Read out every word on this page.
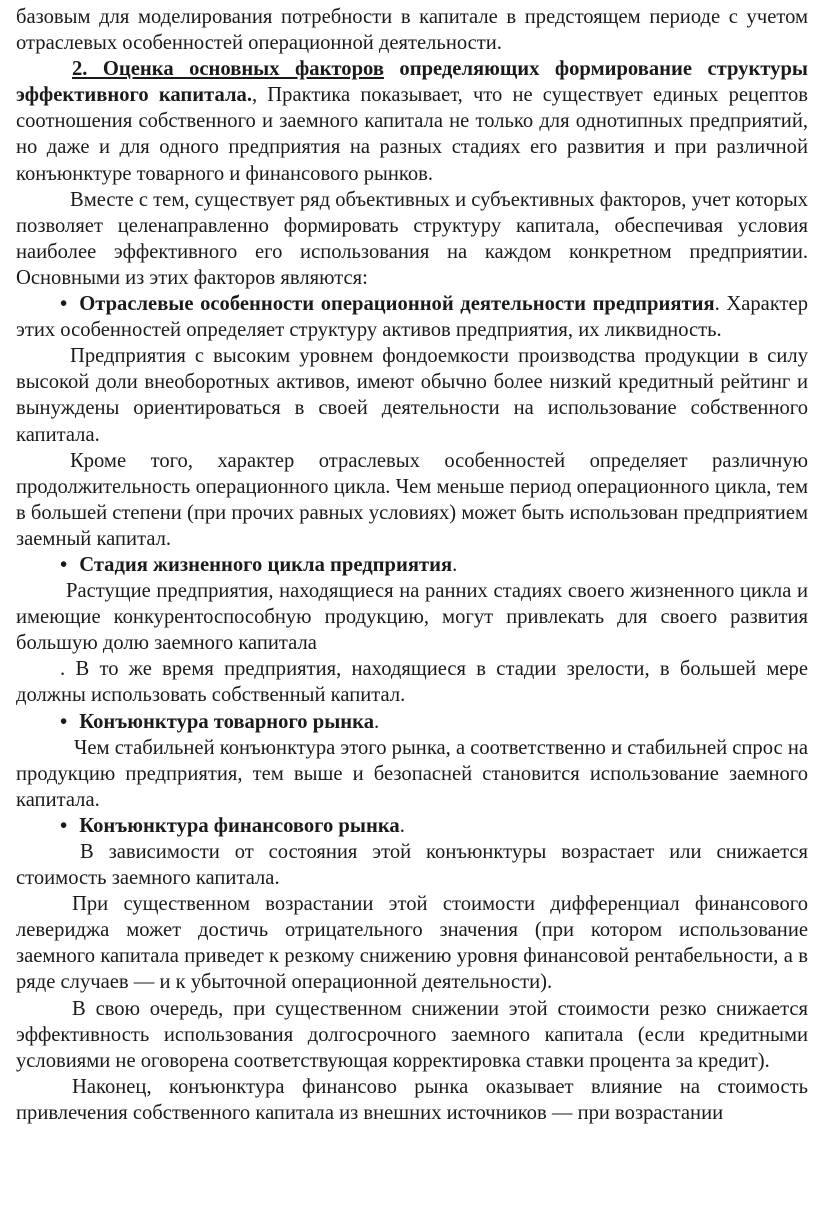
базовым для моделирования потребности в капитале в предстоящем периоде с учетом отраслевых особенностей операционной деятельности.

2. Оценка основных факторов определяющих формирование структуры эффективного капитала., Практика показывает, что не существует единых рецептов соотношения собственного и заемного капитала не только для однотипных предприятий, но даже и для одного предприятия на разных стадиях его развития и при различной конъюнктуре товарного и финансового рынков.

Вместе с тем, существует ряд объективных и субъективных факторов, учет которых позволяет целенаправленно формировать структуру капитала, обеспечивая условия наиболее эффективного его использования на каждом конкретном предприятии. Основными из этих факторов являются:

• Отраслевые особенности операционной деятельности предприятия. Характер этих особенностей определяет структуру активов предприятия, их ликвидность.

Предприятия с высоким уровнем фондоемкости производства продукции в силу высокой доли внеоборотных активов, имеют обычно более низкий кредитный рейтинг и вынуждены ориентироваться в своей деятельности на использование собственного капитала.

Кроме того, характер отраслевых особенностей определяет различную продолжительность операционного цикла. Чем меньше период операционного цикла, тем в большей степени (при прочих равных условиях) может быть использован предприятием заемный капитал.

• Стадия жизненного цикла предприятия.

Растущие предприятия, находящиеся на ранних стадиях своего жизненного цикла и имеющие конкурентоспособную продукцию, могут привлекать для своего развития большую долю заемного капитала

. В то же время предприятия, находящиеся в стадии зрелости, в большей мере должны использовать собственный капитал.

• Конъюнктура товарного рынка.

Чем стабильней конъюнктура этого рынка, а соответственно и стабильней спрос на продукцию предприятия, тем выше и безопасней становится использование заемного капитала.

• Конъюнктура финансового рынка.

В зависимости от состояния этой конъюнктуры возрастает или снижается стоимость заемного капитала.

При существенном возрастании этой стоимости дифференциал финансового левериджа может достичь отрицательного значения (при котором использование заемного капитала приведет к резкому снижению уровня финансовой рентабельности, а в ряде случаев — и к убыточной операционной деятельности).

В свою очередь, при существенном снижении этой стоимости резко снижается эффективность использования долгосрочного заемного капитала (если кредитными условиями не оговорена соответствующая корректировка ставки процента за кредит).

Наконец, конъюнктура финансово рынка оказывает влияние на стоимость привлечения собственного капитала из внешних источников — при возрастании
